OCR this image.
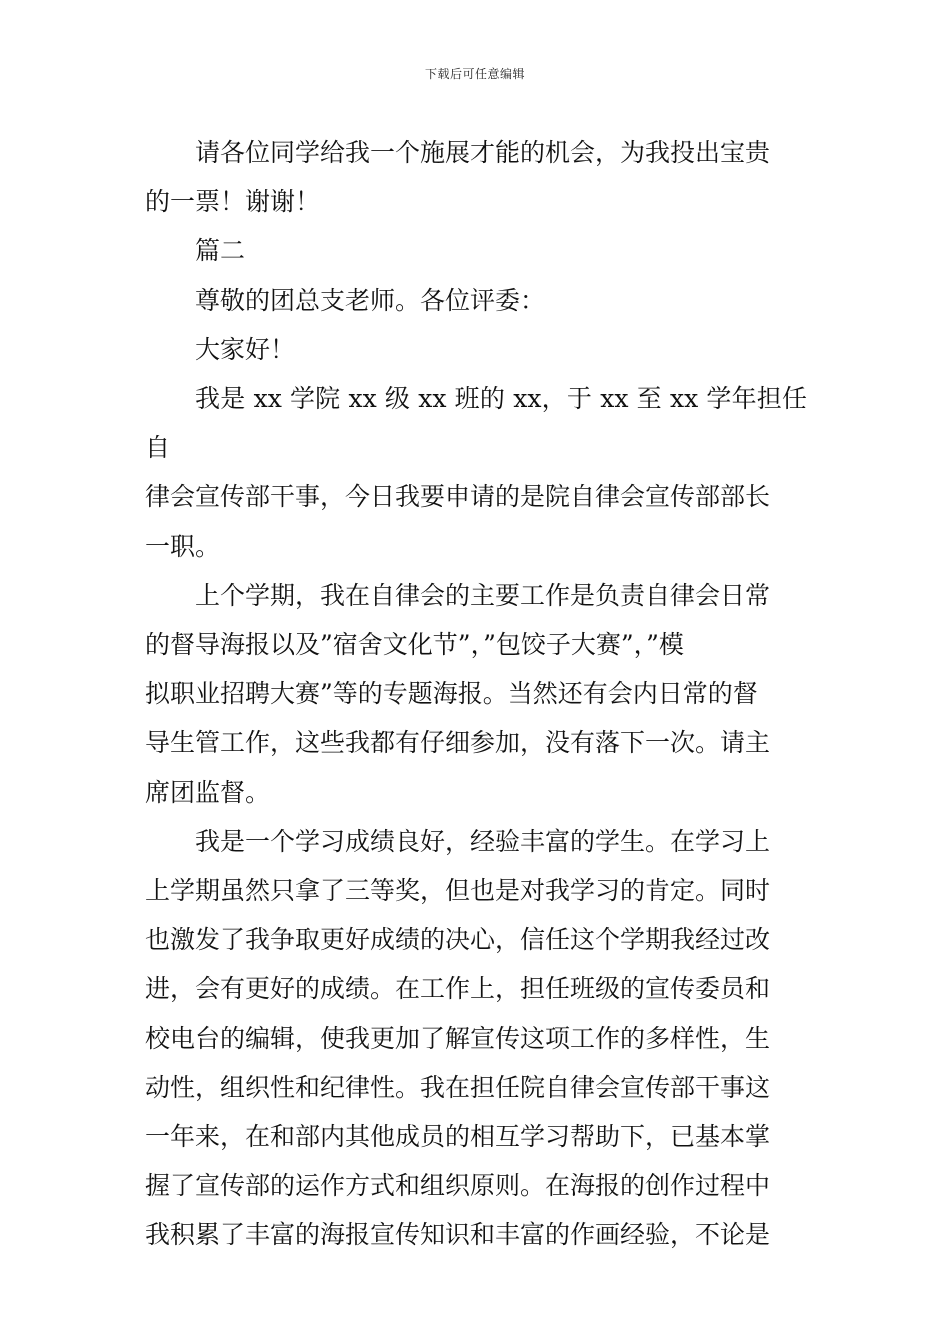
下载后可任意编辑

请各位同学给我一个施展才能的机会，为我投出宝贵
的一票！谢谢！

篇二

尊敬的团总支老师。各位评委：

大家好！

我是 xx 学院 xx 级 xx 班的 xx，于 xx 至 xx 学年担任自
律会宣传部干事，今日我要申请的是院自律会宣传部部长
一职。

上个学期，我在自律会的主要工作是负责自律会日常
的督导海报以及”宿舍文化节”，”包饺子大赛”，”模
拟职业招聘大赛”等的专题海报。当然还有会内日常的督
导生管工作，这些我都有仔细参加，没有落下一次。请主
席团监督。

我是一个学习成绩良好，经验丰富的学生。在学习上
上学期虽然只拿了三等奖，但也是对我学习的肯定。同时
也激发了我争取更好成绩的决心，信任这个学期我经过改
进，会有更好的成绩。在工作上，担任班级的宣传委员和
校电台的编辑，使我更加了解宣传这项工作的多样性，生
动性，组织性和纪律性。我在担任院自律会宣传部干事这
一年来，在和部内其他成员的相互学习帮助下，已基本掌
握了宣传部的运作方式和组织原则。在海报的创作过程中
我积累了丰富的海报宣传知识和丰富的作画经验，不论是
